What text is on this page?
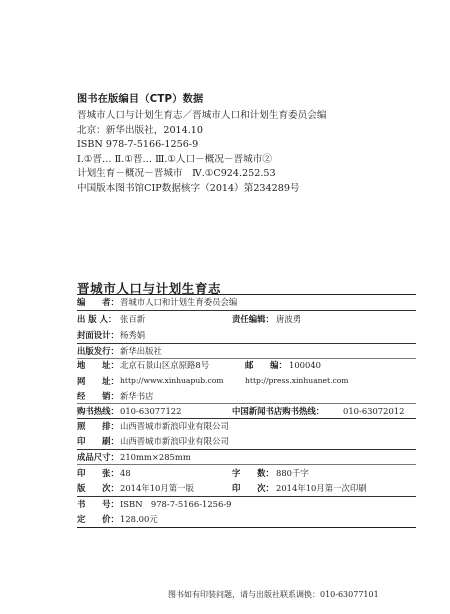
图书在版编目（CTP）数据
晋城市人口与计划生育志／晋城市人口和计划生育委员会编
北京：新华出版社，2014.10
ISBN 978-7-5166-1256-9
Ⅰ.①晋… Ⅱ.①晋… Ⅲ.①人口－概况－晋城市②
计划生育－概况－晋城市　Ⅳ.①C924.252.53
中国版本图书馆CIP数据核字（2014）第234289号
晋城市人口与计划生育志
编　　者： 晋城市人口和计划生育委员会编
出 版 人： 张百新	责任编辑： 唐波勇
封面设计： 杨秀娟
出版发行： 新华出版社
地　　址： 北京石景山区京原路8号	邮　　编： 100040
网　　址： http://www.xinhuapub.com	http://press.xinhuanet.com
经　　销： 新华书店
购书热线： 010-63077122	中国新闻书店购书热线： 010-63072012
照　　排： 山西晋城市新浪印业有限公司
印　　刷： 山西晋城市新浪印业有限公司
成品尺寸： 210mm×285mm
印　　张： 48	字　　数： 880千字
版　　次： 2014年10月第一版	印　　次： 2014年10月第一次印刷
书　　号： ISBN　978-7-5166-1256-9
定　　价： 128.00元
图书如有印装问题，请与出版社联系调换：010-63077101
